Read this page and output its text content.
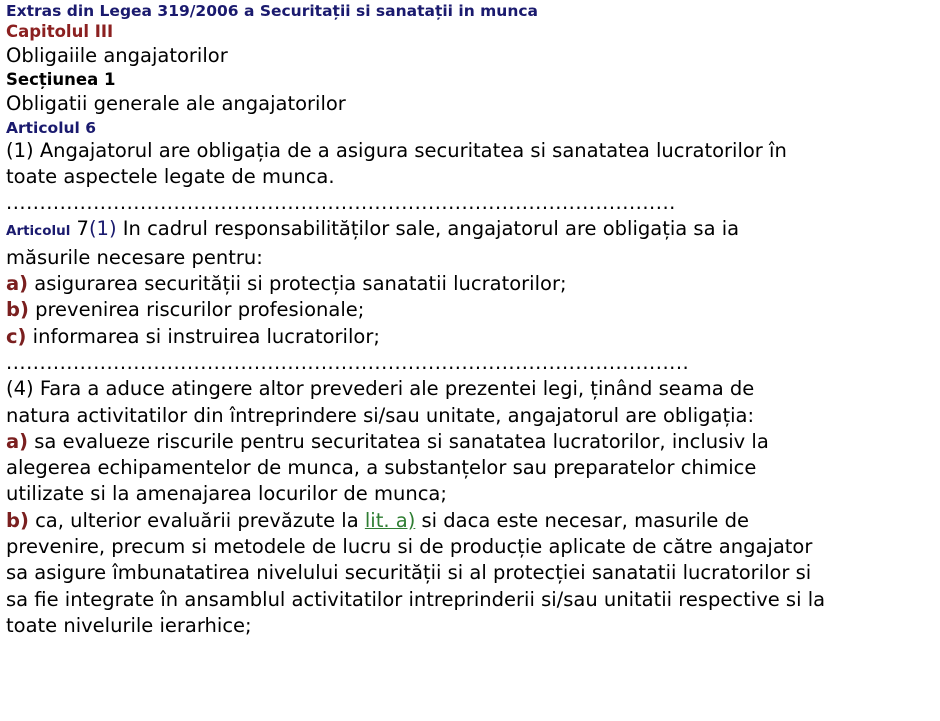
Extras din Legea 319/2006 a Securitații si sanatații in munca
Capitolul III
Obligaiile angajatorilor
Secțiunea 1
Obligatii generale ale angajatorilor
Articolul 6
(1) Angajatorul are obligația de a asigura securitatea si sanatatea lucratorilor în
toate aspectele legate de munca.
....................................................................................................
Articolul 7(1) In cadrul responsabilităților sale, angajatorul are obligația sa ia
măsurile necesare pentru:
a) asigurarea securității si protecția sanatatii lucratorilor;
b) prevenirea riscurilor profesionale;
c) informarea si instruirea lucratorilor;
......................................................................................................
(4) Fara a aduce atingere altor prevederi ale prezentei legi, ținând seama de
natura activitatilor din întreprindere si/sau unitate, angajatorul are obligația:
a) sa evalueze riscurile pentru securitatea si sanatatea lucratorilor, inclusiv la
alegerea echipamentelor de munca, a substanțelor sau preparatelor chimice
utilizate si la amenajarea locurilor de munca;
b) ca, ulterior evaluării prevăzute la lit. a) si daca este necesar, masurile de
prevenire, precum si metodele de lucru si de producție aplicate de către angajator
sa asigure îmbunatatirea nivelului securității si al protecției sanatatii lucratorilor si
sa fie integrate în ansamblul activitatilor intreprinderii si/sau unitatii respective si la
toate nivelurile ierarhice;
